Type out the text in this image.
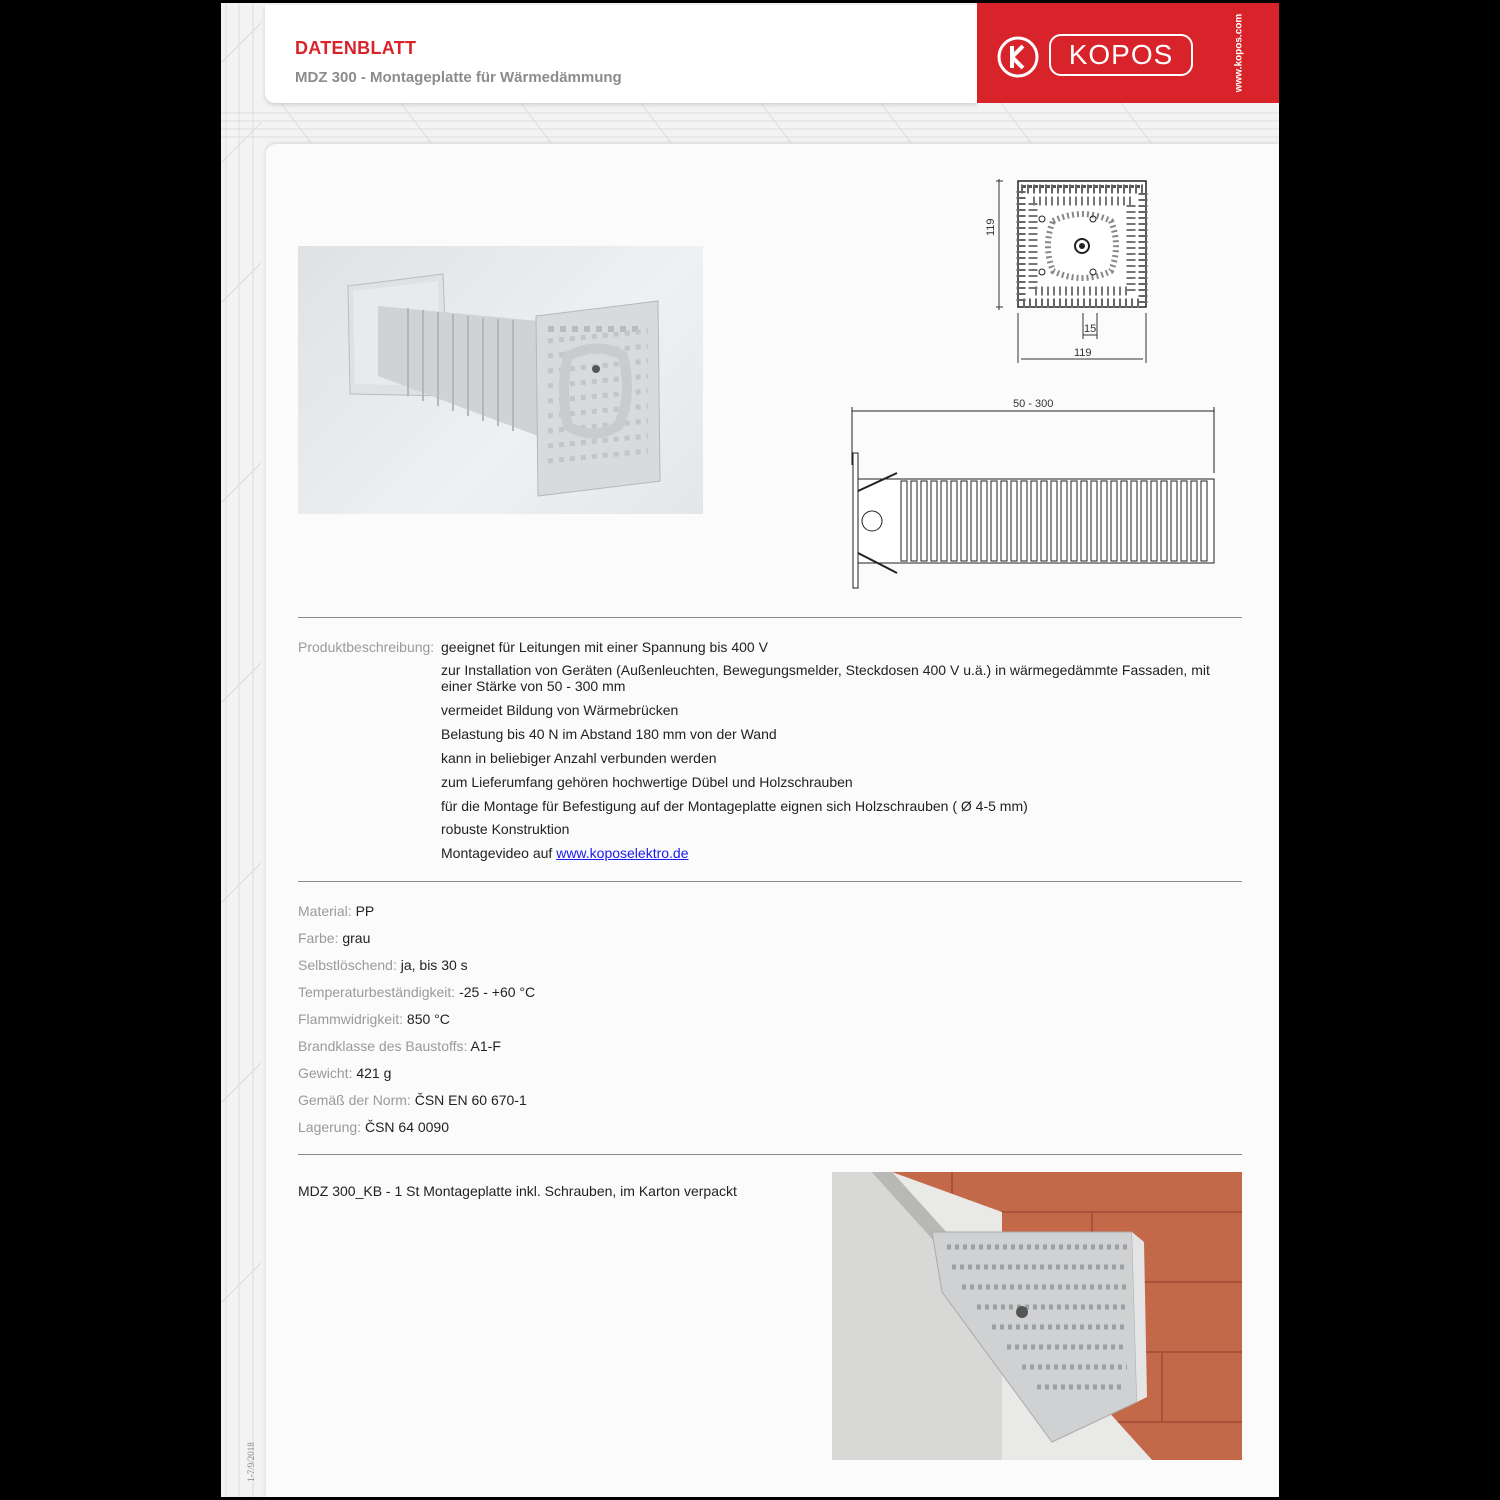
DATENBLATT
MDZ 300 - Montageplatte für Wärmedämmung
KOPOS	www.kopos.com
119
15
119
50 - 300
Produktbeschreibung: geeignet für Leitungen mit einer Spannung bis 400 V
zur Installation von Geräten (Außenleuchten, Bewegungsmelder, Steckdosen 400 V u.ä.) in wärmegedämmte Fassaden, mit einer Stärke von 50 - 300 mm
vermeidet Bildung von Wärmebrücken
Belastung bis 40 N im Abstand 180 mm von der Wand
kann in beliebiger Anzahl verbunden werden
zum Lieferumfang gehören hochwertige Dübel und Holzschrauben
für die Montage für Befestigung auf der Montageplatte eignen sich Holzschrauben ( Ø 4-5 mm)
robuste Konstruktion
Montagevideo auf www.koposelektro.de
Material: PP
Farbe: grau
Selbstlöschend: ja, bis 30 s
Temperaturbeständigkeit: -25 - +60 °C
Flammwidrigkeit: 850 °C
Brandklasse des Baustoffs: A1-F
Gewicht: 421 g
Gemäß der Norm: ČSN EN 60 670-1
Lagerung: ČSN 64 0090
MDZ 300_KB - 1 St Montageplatte inkl. Schrauben, im Karton verpackt
1-7/9/2018
